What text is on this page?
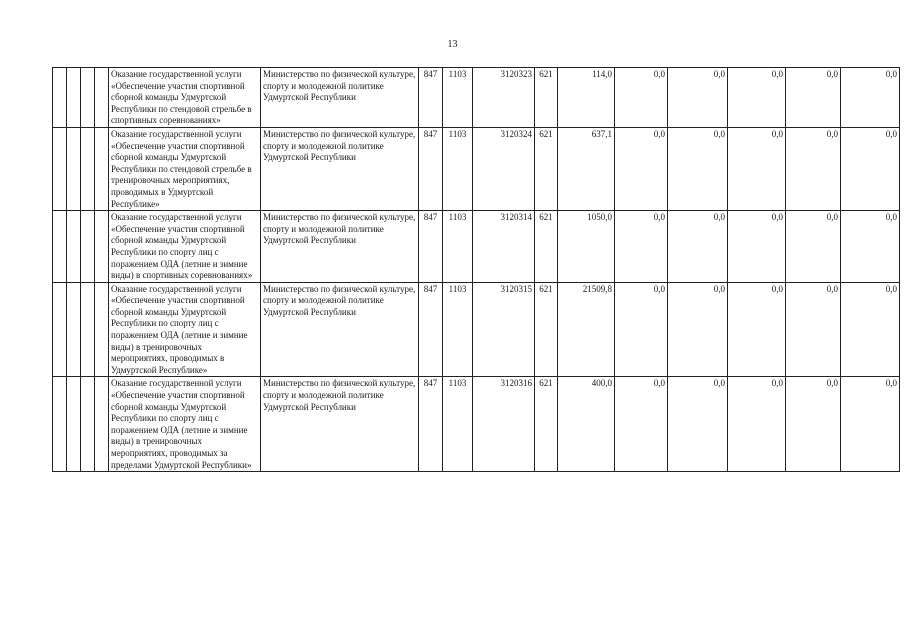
13
				Оказание государственной услуги «Обеспечение участия спортивной сборной команды Удмуртской Республики по стендовой стрельбе в спортивных соревнованиях»	Министерство по физической культуре, спорту и молодежной политике Удмуртской Республики	847	1103	3120323	621	114,0	0,0	0,0	0,0	0,0	0,0
				Оказание государственной услуги «Обеспечение участия спортивной сборной команды Удмуртской Республики по стендовой стрельбе в тренировочных мероприятиях, проводимых в Удмуртской Республике»	Министерство по физической культуре, спорту и молодежной политике Удмуртской Республики	847	1103	3120324	621	637,1	0,0	0,0	0,0	0,0	0,0
				Оказание государственной услуги «Обеспечение участия спортивной сборной команды Удмуртской Республики по спорту лиц с поражением ОДА (летние и зимние виды) в спортивных соревнованиях»	Министерство по физической культуре, спорту и молодежной политике Удмуртской Республики	847	1103	3120314	621	1050,0	0,0	0,0	0,0	0,0	0,0
				Оказание государственной услуги «Обеспечение участия спортивной сборной команды Удмуртской Республики по спорту лиц с поражением ОДА (летние и зимние виды) в тренировочных мероприятиях, проводимых в Удмуртской Республике»	Министерство по физической культуре, спорту и молодежной политике Удмуртской Республики	847	1103	3120315	621	21509,8	0,0	0,0	0,0	0,0	0,0
				Оказание государственной услуги «Обеспечение участия спортивной сборной команды Удмуртской Республики по спорту лиц с поражением ОДА (летние и зимние виды) в тренировочных мероприятиях, проводимых за пределами Удмуртской Республики»	Министерство по физической культуре, спорту и молодежной политике Удмуртской Республики	847	1103	3120316	621	400,0	0,0	0,0	0,0	0,0	0,0
